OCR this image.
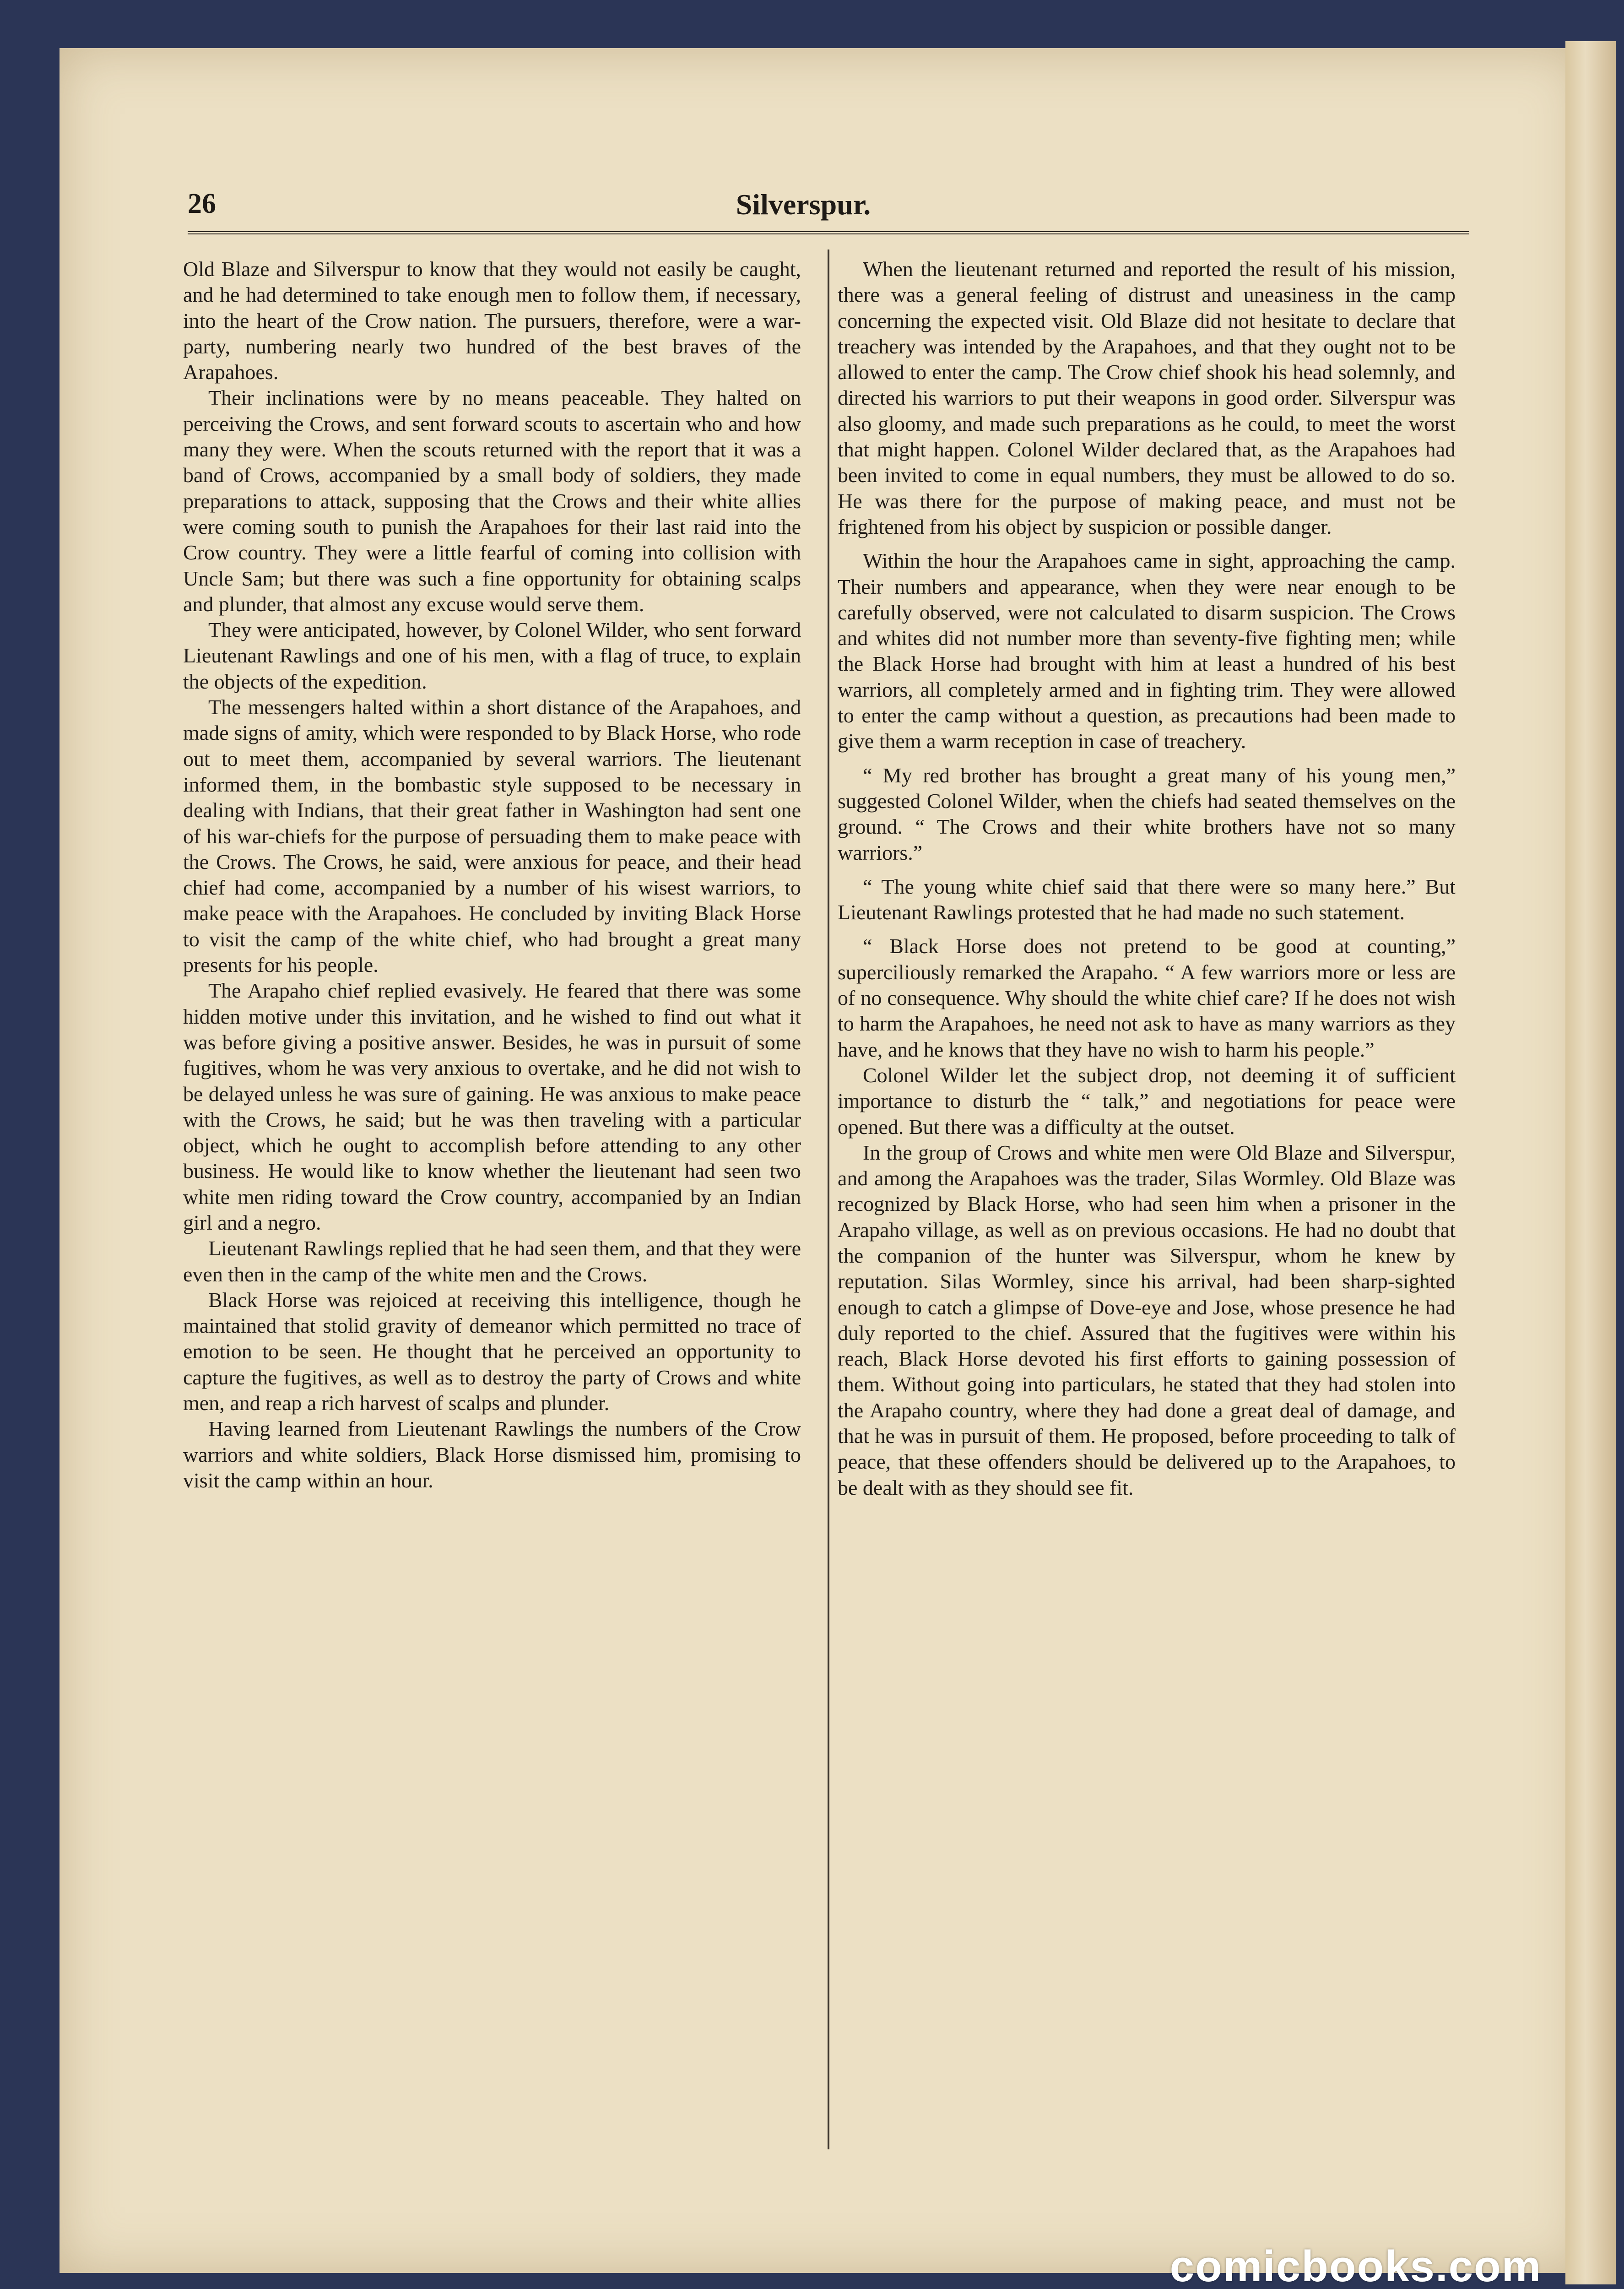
26	Silverspur.

Old Blaze and Silverspur to know that they would not easily be caught, and he had determined to take enough men to follow them, if necessary, into the heart of the Crow nation. The pursuers, therefore, were a war-party, numbering nearly two hundred of the best braves of the Arapahoes.

Their inclinations were by no means peaceable. They halted on perceiving the Crows, and sent forward scouts to ascertain who and how many they were. When the scouts returned with the report that it was a band of Crows, accompanied by a small body of soldiers, they made preparations to attack, supposing that the Crows and their white allies were coming south to punish the Arapahoes for their last raid into the Crow country. They were a little fearful of coming into collision with Uncle Sam; but there was such a fine opportunity for obtaining scalps and plunder, that almost any excuse would serve them.

They were anticipated, however, by Colonel Wilder, who sent forward Lieutenant Rawlings and one of his men, with a flag of truce, to explain the objects of the expedition.

The messengers halted within a short distance of the Arapahoes, and made signs of amity, which were responded to by Black Horse, who rode out to meet them, accompanied by several warriors. The lieutenant informed them, in the bombastic style supposed to be necessary in dealing with Indians, that their great father in Washington had sent one of his war-chiefs for the purpose of persuading them to make peace with the Crows. The Crows, he said, were anxious for peace, and their head chief had come, accompanied by a number of his wisest warriors, to make peace with the Arapahoes. He concluded by inviting Black Horse to visit the camp of the white chief, who had brought a great many presents for his people.

The Arapaho chief replied evasively. He feared that there was some hidden motive under this invitation, and he wished to find out what it was before giving a positive answer. Besides, he was in pursuit of some fugitives, whom he was very anxious to overtake, and he did not wish to be delayed unless he was sure of gaining. He was anxious to make peace with the Crows, he said; but he was then traveling with a particular object, which he ought to accomplish before attending to any other business. He would like to know whether the lieutenant had seen two white men riding toward the Crow country, accompanied by an Indian girl and a negro.

Lieutenant Rawlings replied that he had seen them, and that they were even then in the camp of the white men and the Crows.

Black Horse was rejoiced at receiving this intelligence, though he maintained that stolid gravity of demeanor which permitted no trace of emotion to be seen. He thought that he perceived an opportunity to capture the fugitives, as well as to destroy the party of Crows and white men, and reap a rich harvest of scalps and plunder.

Having learned from Lieutenant Rawlings the numbers of the Crow warriors and white soldiers, Black Horse dismissed him, promising to visit the camp within an hour.

When the lieutenant returned and reported the result of his mission, there was a general feeling of distrust and uneasiness in the camp concerning the expected visit. Old Blaze did not hesitate to declare that treachery was intended by the Arapahoes, and that they ought not to be allowed to enter the camp. The Crow chief shook his head solemnly, and directed his warriors to put their weapons in good order. Silverspur was also gloomy, and made such preparations as he could, to meet the worst that might happen. Colonel Wilder declared that, as the Arapahoes had been invited to come in equal numbers, they must be allowed to do so. He was there for the purpose of making peace, and must not be frightened from his object by suspicion or possible danger.

Within the hour the Arapahoes came in sight, approaching the camp. Their numbers and appearance, when they were near enough to be carefully observed, were not calculated to disarm suspicion. The Crows and whites did not number more than seventy-five fighting men; while the Black Horse had brought with him at least a hundred of his best warriors, all completely armed and in fighting trim. They were allowed to enter the camp without a question, as precautions had been made to give them a warm reception in case of treachery.

“ My red brother has brought a great many of his young men,” suggested Colonel Wilder, when the chiefs had seated themselves on the ground. “ The Crows and their white brothers have not so many warriors.”

“ The young white chief said that there were so many here.” But Lieutenant Rawlings protested that he had made no such statement.

“ Black Horse does not pretend to be good at counting,” superciliously remarked the Arapaho. “ A few warriors more or less are of no consequence. Why should the white chief care? If he does not wish to harm the Arapahoes, he need not ask to have as many warriors as they have, and he knows that they have no wish to harm his people.”

Colonel Wilder let the subject drop, not deeming it of sufficient importance to disturb the “ talk,” and negotiations for peace were opened. But there was a difficulty at the outset.

In the group of Crows and white men were Old Blaze and Silverspur, and among the Arapahoes was the trader, Silas Wormley. Old Blaze was recognized by Black Horse, who had seen him when a prisoner in the Arapaho village, as well as on previous occasions. He had no doubt that the companion of the hunter was Silverspur, whom he knew by reputation. Silas Wormley, since his arrival, had been sharp-sighted enough to catch a glimpse of Dove-eye and Jose, whose presence he had duly reported to the chief. Assured that the fugitives were within his reach, Black Horse devoted his first efforts to gaining possession of them. Without going into particulars, he stated that they had stolen into the Arapaho country, where they had done a great deal of damage, and that he was in pursuit of them. He proposed, before proceeding to talk of peace, that these offenders should be delivered up to the Arapahoes, to be dealt with as they should see fit.

comicbooks.com
